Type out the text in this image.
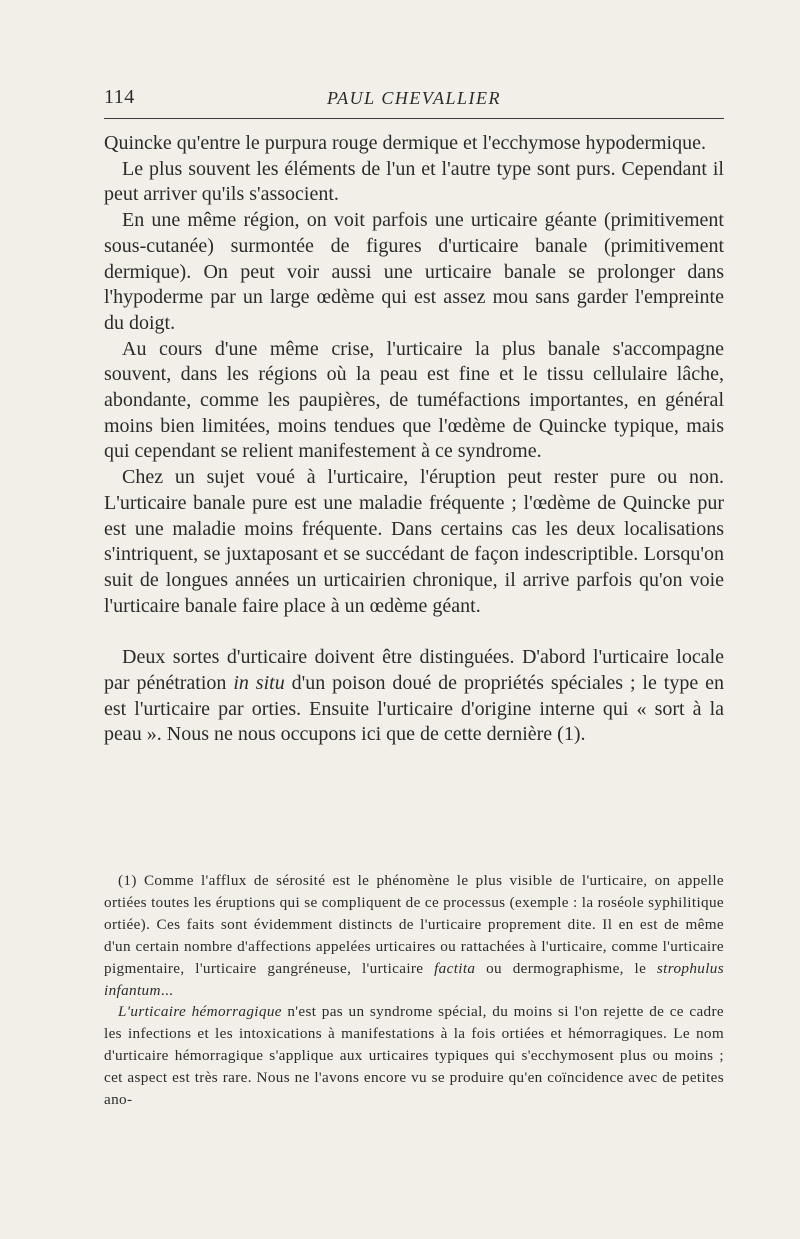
114	PAUL CHEVALLIER

Quincke qu'entre le purpura rouge dermique et l'ecchymose hypodermique.

Le plus souvent les éléments de l'un et l'autre type sont purs. Cependant il peut arriver qu'ils s'associent.

En une même région, on voit parfois une urticaire géante (primitivement sous-cutanée) surmontée de figures d'urticaire banale (primitivement dermique). On peut voir aussi une urticaire banale se prolonger dans l'hypoderme par un large œdème qui est assez mou sans garder l'empreinte du doigt.

Au cours d'une même crise, l'urticaire la plus banale s'accompagne souvent, dans les régions où la peau est fine et le tissu cellulaire lâche, abondante, comme les paupières, de tuméfactions importantes, en général moins bien limitées, moins tendues que l'œdème de Quincke typique, mais qui cependant se relient manifestement à ce syndrome.

Chez un sujet voué à l'urticaire, l'éruption peut rester pure ou non. L'urticaire banale pure est une maladie fréquente ; l'œdème de Quincke pur est une maladie moins fréquente. Dans certains cas les deux localisations s'intriquent, se juxtaposant et se succédant de façon indescriptible. Lorsqu'on suit de longues années un urticairien chronique, il arrive parfois qu'on voie l'urticaire banale faire place à un œdème géant.

Deux sortes d'urticaire doivent être distinguées. D'abord l'urticaire locale par pénétration in situ d'un poison doué de propriétés spéciales ; le type en est l'urticaire par orties. Ensuite l'urticaire d'origine interne qui « sort à la peau ». Nous ne nous occupons ici que de cette dernière (1).

(1) Comme l'afflux de sérosité est le phénomène le plus visible de l'urticaire, on appelle ortiées toutes les éruptions qui se compliquent de ce processus (exemple : la roséole syphilitique ortiée). Ces faits sont évidemment distincts de l'urticaire proprement dite. Il en est de même d'un certain nombre d'affections appelées urticaires ou rattachées à l'urticaire, comme l'urticaire pigmentaire, l'urticaire gangréneuse, l'urticaire factita ou dermographisme, le strophulus infantum...

L'urticaire hémorragique n'est pas un syndrome spécial, du moins si l'on rejette de ce cadre les infections et les intoxications à manifestations à la fois ortiées et hémorragiques. Le nom d'urticaire hémorragique s'applique aux urticaires typiques qui s'ecchymosent plus ou moins ; cet aspect est très rare. Nous ne l'avons encore vu se produire qu'en coïncidence avec de petites ano-
